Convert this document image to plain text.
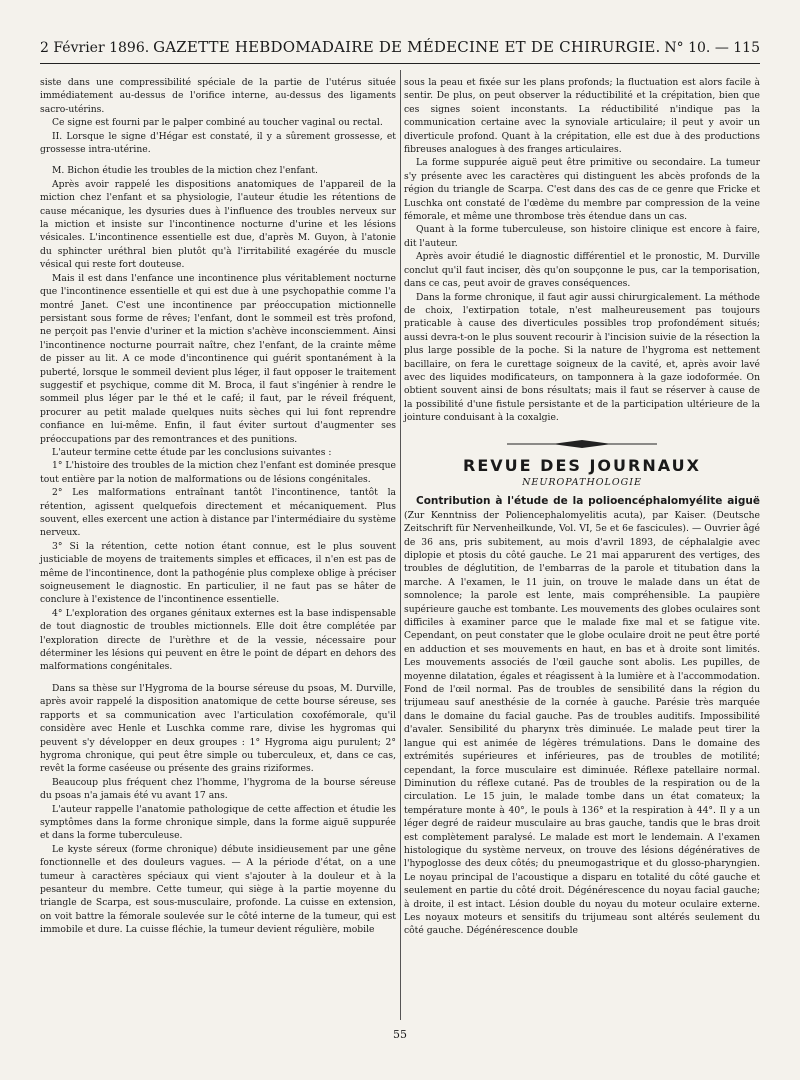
2 Février 1896. GAZETTE HEBDOMADAIRE DE MÉDECINE ET DE CHIRURGIE. N° 10. — 115

siste dans une compressibilité spéciale de la partie de l'utérus située immédiatement au-dessus de l'orifice interne, au-dessus des ligaments sacro-utérins.

Ce signe est fourni par le palper combiné au toucher vaginal ou rectal.

II. Lorsque le signe d'Hégar est constaté, il y a sûrement grossesse, et grossesse intra-utérine.

M. Bichon étudie les troubles de la miction chez l'enfant.

Après avoir rappelé les dispositions anatomiques de l'appareil de la miction chez l'enfant et sa physiologie, l'auteur étudie les rétentions de cause mécanique, les dysuries dues à l'influence des troubles nerveux sur la miction et insiste sur l'incontinence nocturne d'urine et les lésions vésicales. L'incontinence essentielle est due, d'après M. Guyon, à l'atonie du sphincter uréthral bien plutôt qu'à l'irritabilité exagérée du muscle vésical qui reste fort douteuse.

Mais il est dans l'enfance une incontinence plus véritablement nocturne que l'incontinence essentielle et qui est due à une psychopathie comme l'a montré Janet. C'est une incontinence par préoccupation mictionnelle persistant sous forme de rêves; l'enfant, dont le sommeil est très profond, ne perçoit pas l'envie d'uriner et la miction s'achève inconsciemment. Ainsi l'incontinence nocturne pourrait naître, chez l'enfant, de la crainte même de pisser au lit. A ce mode d'incontinence qui guérit spontanément à la puberté, lorsque le sommeil devient plus léger, il faut opposer le traitement suggestif et psychique, comme dit M. Broca, il faut s'ingénier à rendre le sommeil plus léger par le thé et le café; il faut, par le réveil fréquent, procurer au petit malade quelques nuits sèches qui lui font reprendre confiance en lui-même. Enfin, il faut éviter surtout d'augmenter ses préoccupations par des remontrances et des punitions.

L'auteur termine cette étude par les conclusions suivantes :

1° L'histoire des troubles de la miction chez l'enfant est dominée presque tout entière par la notion de malformations ou de lésions congénitales.

2° Les malformations entraînant tantôt l'incontinence, tantôt la rétention, agissent quelquefois directement et mécaniquement. Plus souvent, elles exercent une action à distance par l'intermédiaire du système nerveux.

3° Si la rétention, cette notion étant connue, est le plus souvent justiciable de moyens de traitements simples et efficaces, il n'en est pas de même de l'incontinence, dont la pathogénie plus complexe oblige à préciser soigneusement le diagnostic. En particulier, il ne faut pas se hâter de conclure à l'existence de l'incontinence essentielle.

4° L'exploration des organes génitaux externes est la base indispensable de tout diagnostic de troubles mictionnels. Elle doit être complétée par l'exploration directe de l'urèthre et de la vessie, nécessaire pour déterminer les lésions qui peuvent en être le point de départ en dehors des malformations congénitales.

Dans sa thèse sur l'Hygroma de la bourse séreuse du psoas, M. Durville, après avoir rappelé la disposition anatomique de cette bourse séreuse, ses rapports et sa communication avec l'articulation coxofémorale, qu'il considère avec Henle et Luschka comme rare, divise les hygromas qui peuvent s'y développer en deux groupes : 1° Hygroma aigu purulent; 2° hygroma chronique, qui peut être simple ou tuberculeux, et, dans ce cas, revêt la forme caséeuse ou présente des grains riziformes.

Beaucoup plus fréquent chez l'homme, l'hygroma de la bourse séreuse du psoas n'a jamais été vu avant 17 ans.

L'auteur rappelle l'anatomie pathologique de cette affection et étudie les symptômes dans la forme chronique simple, dans la forme aiguë suppurée et dans la forme tuberculeuse.

Le kyste séreux (forme chronique) débute insidieusement par une gêne fonctionnelle et des douleurs vagues. — A la période d'état, on a une tumeur à caractères spéciaux qui vient s'ajouter à la douleur et à la pesanteur du membre. Cette tumeur, qui siège à la partie moyenne du triangle de Scarpa, est sous-musculaire, profonde. La cuisse en extension, on voit battre la fémorale soulevée sur le côté interne de la tumeur, qui est immobile et dure. La cuisse fléchie, la tumeur devient régulière, mobile

sous la peau et fixée sur les plans profonds; la fluctuation est alors facile à sentir. De plus, on peut observer la réductibilité et la crépitation, bien que ces signes soient inconstants. La réductibilité n'indique pas la communication certaine avec la synoviale articulaire; il peut y avoir un diverticule profond. Quant à la crépitation, elle est due à des productions fibreuses analogues à des franges articulaires.

La forme suppurée aiguë peut être primitive ou secondaire. La tumeur s'y présente avec les caractères qui distinguent les abcès profonds de la région du triangle de Scarpa. C'est dans des cas de ce genre que Fricke et Luschka ont constaté de l'œdème du membre par compression de la veine fémorale, et même une thrombose très étendue dans un cas.

Quant à la forme tuberculeuse, son histoire clinique est encore à faire, dit l'auteur.

Après avoir étudié le diagnostic différentiel et le pronostic, M. Durville conclut qu'il faut inciser, dès qu'on soupçonne le pus, car la temporisation, dans ce cas, peut avoir de graves conséquences.

Dans la forme chronique, il faut agir aussi chirurgicalement. La méthode de choix, l'extirpation totale, n'est malheureusement pas toujours praticable à cause des diverticules possibles trop profondément situés; aussi devra-t-on le plus souvent recourir à l'incision suivie de la résection la plus large possible de la poche. Si la nature de l'hygroma est nettement bacillaire, on fera le curettage soigneux de la cavité, et, après avoir lavé avec des liquides modificateurs, on tamponnera à la gaze iodoformée. On obtient souvent ainsi de bons résultats; mais il faut se réserver à cause de la possibilité d'une fistule persistante et de la participation ultérieure de la jointure conduisant à la coxalgie.

REVUE DES JOURNAUX
NEUROPATHOLOGIE

Contribution à l'étude de la polioencéphalomyélite aiguë (Zur Kenntniss der Poliencephalomyelitis acuta), par Kaiser. (Deutsche Zeitschrift für Nervenheilkunde, Vol. VI, 5e et 6e fascicules). — Ouvrier âgé de 36 ans, pris subitement, au mois d'avril 1893, de céphalalgie avec diplopie et ptosis du côté gauche. Le 21 mai apparurent des vertiges, des troubles de déglutition, de l'embarras de la parole et titubation dans la marche. A l'examen, le 11 juin, on trouve le malade dans un état de somnolence; la parole est lente, mais compréhensible. La paupière supérieure gauche est tombante. Les mouvements des globes oculaires sont difficiles à examiner parce que le malade fixe mal et se fatigue vite. Cependant, on peut constater que le globe oculaire droit ne peut être porté en adduction et ses mouvements en haut, en bas et à droite sont limités. Les mouvements associés de l'œil gauche sont abolis. Les pupilles, de moyenne dilatation, égales et réagissent à la lumière et à l'accommodation. Fond de l'œil normal. Pas de troubles de sensibilité dans la région du trijumeau sauf anesthésie de la cornée à gauche. Parésie très marquée dans le domaine du facial gauche. Pas de troubles auditifs. Impossibilité d'avaler. Sensibilité du pharynx très diminuée. Le malade peut tirer la langue qui est animée de légères trémulations. Dans le domaine des extrémités supérieures et inférieures, pas de troubles de motilité; cependant, la force musculaire est diminuée. Réflexe patellaire normal. Diminution du réflexe cutané. Pas de troubles de la respiration ou de la circulation. Le 15 juin, le malade tombe dans un état comateux; la température monte à 40°, le pouls à 136° et la respiration à 44°. Il y a un léger degré de raideur musculaire au bras gauche, tandis que le bras droit est complètement paralysé. Le malade est mort le lendemain. A l'examen histologique du système nerveux, on trouve des lésions dégénératives de l'hypoglosse des deux côtés; du pneumogastrique et du glosso-pharyngien. Le noyau principal de l'acoustique a disparu en totalité du côté gauche et seulement en partie du côté droit. Dégénérescence du noyau facial gauche; à droite, il est intact. Lésion double du noyau du moteur oculaire externe. Les noyaux moteurs et sensitifs du trijumeau sont altérés seulement du côté gauche. Dégénérescence double

55
